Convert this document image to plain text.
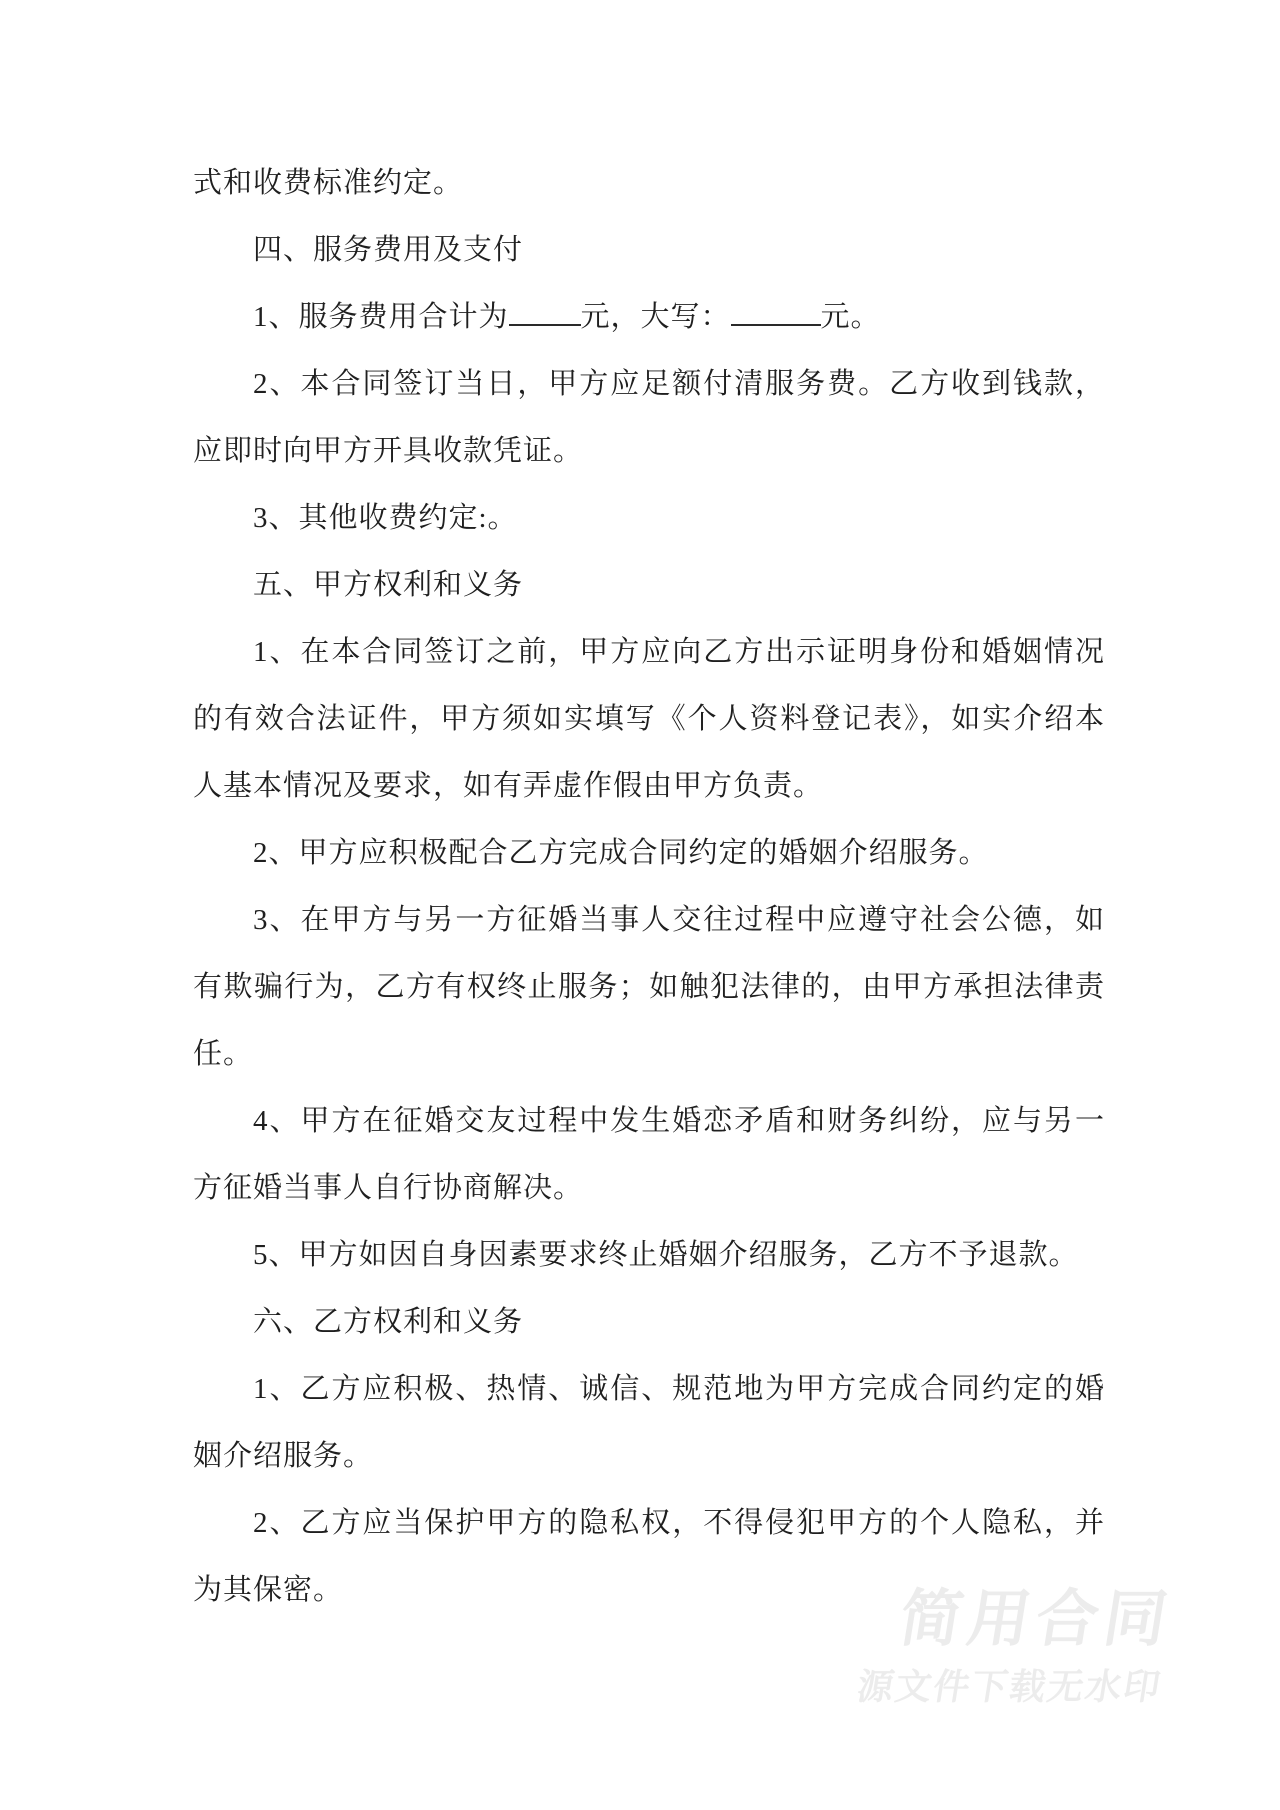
式和收费标准约定。
四、服务费用及支付
1、服务费用合计为 元，大写：	元。
2、本合同签订当日，甲方应足额付清服务费。乙方收到钱款，
应即时向甲方开具收款凭证。
3、其他收费约定:。
五、甲方权利和义务
1、在本合同签订之前，甲方应向乙方出示证明身份和婚姻情况
的有效合法证件，甲方须如实填写《个人资料登记表》，如实介绍本
人基本情况及要求，如有弄虚作假由甲方负责。
2、甲方应积极配合乙方完成合同约定的婚姻介绍服务。
3、在甲方与另一方征婚当事人交往过程中应遵守社会公德，如
有欺骗行为，乙方有权终止服务；如触犯法律的，由甲方承担法律责
任。
4、甲方在征婚交友过程中发生婚恋矛盾和财务纠纷，应与另一
方征婚当事人自行协商解决。
5、甲方如因自身因素要求终止婚姻介绍服务，乙方不予退款。
六、乙方权利和义务
1、乙方应积极、热情、诚信、规范地为甲方完成合同约定的婚
姻介绍服务。
2、乙方应当保护甲方的隐私权，不得侵犯甲方的个人隐私，并
为其保密。	简用合同
源文件下载无水印
